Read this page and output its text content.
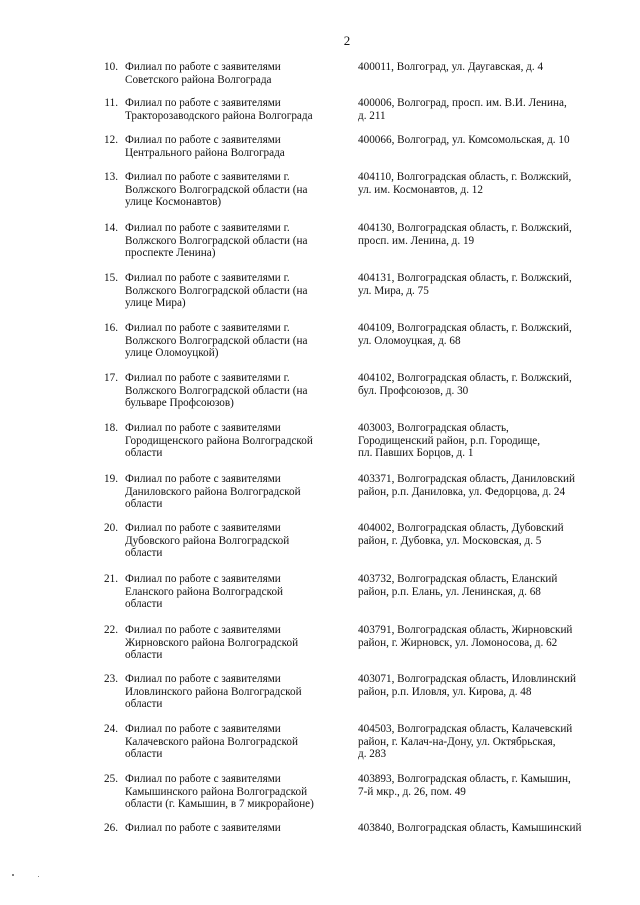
2
10. Филиал по работе с заявителями
Советского района Волгограда
400011, Волгоград, ул. Даугавская, д. 4
11. Филиал по работе с заявителями
Тракторозаводского района Волгограда
400006, Волгоград, просп. им. В.И. Ленина,
д. 211
12. Филиал по работе с заявителями
Центрального района Волгограда
400066, Волгоград, ул. Комсомольская, д. 10
13. Филиал по работе с заявителями г.
Волжского Волгоградской области (на
улице Космонавтов)
404110, Волгоградская область, г. Волжский,
ул. им. Космонавтов, д. 12
14. Филиал по работе с заявителями г.
Волжского Волгоградской области (на
проспекте Ленина)
404130, Волгоградская область, г. Волжский,
просп. им. Ленина, д. 19
15. Филиал по работе с заявителями г.
Волжского Волгоградской области (на
улице Мира)
404131, Волгоградская область, г. Волжский,
ул. Мира, д. 75
16. Филиал по работе с заявителями г.
Волжского Волгоградской области (на
улице Оломоуцкой)
404109, Волгоградская область, г. Волжский,
ул. Оломоуцкая, д. 68
17. Филиал по работе с заявителями г.
Волжского Волгоградской области (на
бульваре Профсоюзов)
404102, Волгоградская область, г. Волжский,
бул. Профсоюзов, д. 30
18. Филиал по работе с заявителями
Городищенского района Волгоградской
области
403003, Волгоградская область,
Городищенский район, р.п. Городище,
пл. Павших Борцов, д. 1
19. Филиал по работе с заявителями
Даниловского района Волгоградской
области
403371, Волгоградская область, Даниловский
район, р.п. Даниловка, ул. Федорцова, д. 24
20. Филиал по работе с заявителями
Дубовского района Волгоградской
области
404002, Волгоградская область, Дубовский
район, г. Дубовка, ул. Московская, д. 5
21. Филиал по работе с заявителями
Еланского района Волгоградской
области
403732, Волгоградская область, Еланский
район, р.п. Елань, ул. Ленинская, д. 68
22. Филиал по работе с заявителями
Жирновского района Волгоградской
области
403791, Волгоградская область, Жирновский
район, г. Жирновск, ул. Ломоносова, д. 62
23. Филиал по работе с заявителями
Иловлинского района Волгоградской
области
403071, Волгоградская область, Иловлинский
район, р.п. Иловля, ул. Кирова, д. 48
24. Филиал по работе с заявителями
Калачевского района Волгоградской
области
404503, Волгоградская область, Калачевский
район, г. Калач-на-Дону, ул. Октябрьская,
д. 283
25. Филиал по работе с заявителями
Камышинского района Волгоградской
области (г. Камышин, в 7 микрорайоне)
403893, Волгоградская область, г. Камышин,
7-й мкр., д. 26, пом. 49
26. Филиал по работе с заявителями	403840, Волгоградская область, Камышинский
